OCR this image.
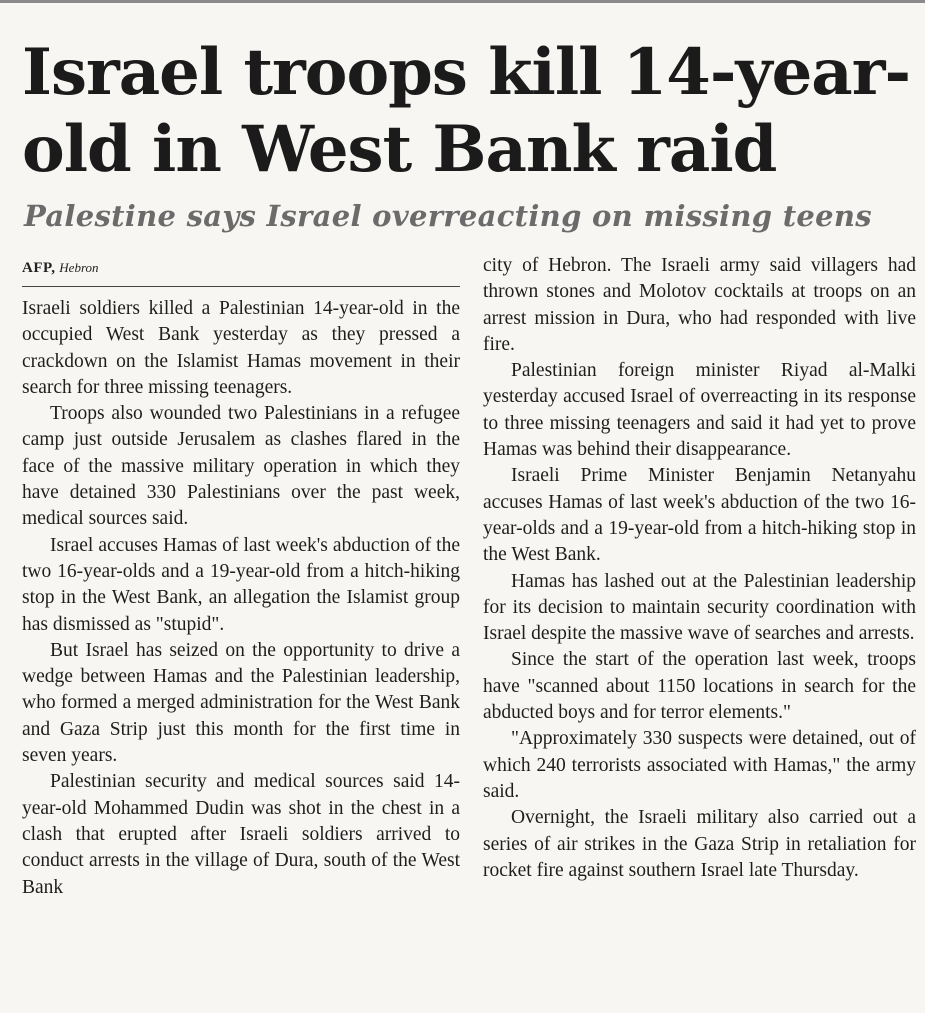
Israel troops kill 14-year-
old in West Bank raid
Palestine says Israel overreacting on missing teens
AFP, Hebron

Israeli soldiers killed a Palestinian 14-year-old in the occupied West Bank yesterday as they pressed a crackdown on the Islamist Hamas movement in their search for three missing teenagers.

Troops also wounded two Palestinians in a refugee camp just outside Jerusalem as clashes flared in the face of the massive military operation in which they have detained 330 Palestinians over the past week, medical sources said.

Israel accuses Hamas of last week's abduction of the two 16-year-olds and a 19-year-old from a hitch-hiking stop in the West Bank, an allegation the Islamist group has dismissed as "stupid".

But Israel has seized on the opportunity to drive a wedge between Hamas and the Palestinian leadership, who formed a merged administration for the West Bank and Gaza Strip just this month for the first time in seven years.

Palestinian security and medical sources said 14-year-old Mohammed Dudin was shot in the chest in a clash that erupted after Israeli soldiers arrived to conduct arrests in the village of Dura, south of the West Bank

city of Hebron. The Israeli army said villagers had thrown stones and Molotov cocktails at troops on an arrest mission in Dura, who had responded with live fire.

Palestinian foreign minister Riyad al-Malki yesterday accused Israel of overreacting in its response to three missing teenagers and said it had yet to prove Hamas was behind their disappearance.

Israeli Prime Minister Benjamin Netanyahu accuses Hamas of last week's abduction of the two 16-year-olds and a 19-year-old from a hitch-hiking stop in the West Bank.

Hamas has lashed out at the Palestinian leadership for its decision to maintain security coordination with Israel despite the massive wave of searches and arrests.

Since the start of the operation last week, troops have "scanned about 1150 locations in search for the abducted boys and for terror elements."

"Approximately 330 suspects were detained, out of which 240 terrorists associated with Hamas," the army said.

Overnight, the Israeli military also carried out a series of air strikes in the Gaza Strip in retaliation for rocket fire against southern Israel late Thursday.
